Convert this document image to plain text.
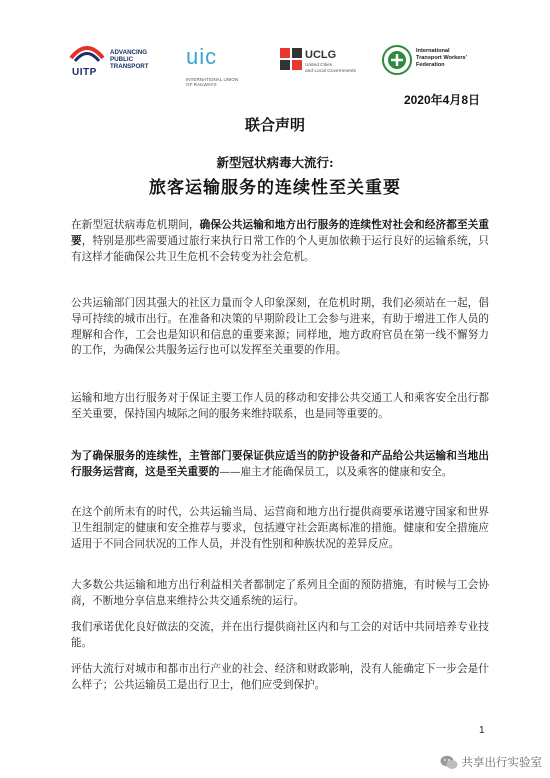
UITP
ADVANCING
PUBLIC
TRANSPORT uic
INTERNATIONAL UNION
OF RAILWAYS
UCLG
United Cities
and Local Governments
International
Transport Workers'
Federation
2020年4月8日
联合声明
新型冠状病毒大流行:
旅客运输服务的连续性至关重要

在新型冠状病毒危机期间，确保公共运输和地方出行服务的连续性对社会和经济都至关重要，特别是那些需要通过旅行来执行日常工作的个人更加依赖于运行良好的运输系统，只有这样才能确保公共卫生危机不会转变为社会危机。

公共运输部门因其强大的社区力量而令人印象深刻，在危机时期，我们必须站在一起，倡导可持续的城市出行。在准备和决策的早期阶段让工会参与进来，有助于增进工作人员的理解和合作，工会也是知识和信息的重要来源；同样地，地方政府官员在第一线不懈努力的工作，为确保公共服务运行也可以发挥至关重要的作用。

运输和地方出行服务对于保证主要工作人员的移动和安排公共交通工人和乘客安全出行都至关重要，保持国内城际之间的服务来维持联系，也是同等重要的。

为了确保服务的连续性，主管部门要保证供应适当的防护设备和产品给公共运输和当地出行服务运营商，这是至关重要的——雇主才能确保员工，以及乘客的健康和安全。

在这个前所未有的时代，公共运输当局、运营商和地方出行提供商要承诺遵守国家和世界卫生组制定的健康和安全推荐与要求，包括遵守社会距离标准的措施。健康和安全措施应适用于不同合同状况的工作人员，并没有性别和种族状况的差异反应。

大多数公共运输和地方出行利益相关者都制定了系列且全面的预防措施，有时候与工会协商，不断地分享信息来维持公共交通系统的运行。

我们承诺优化良好做法的交流，并在出行提供商社区内和与工会的对话中共同培养专业技能。

评估大流行对城市和都市出行产业的社会、经济和财政影响，没有人能确定下一步会是什么样子；公共运输员工是出行卫士，他们应受到保护。

1
共享出行实验室
